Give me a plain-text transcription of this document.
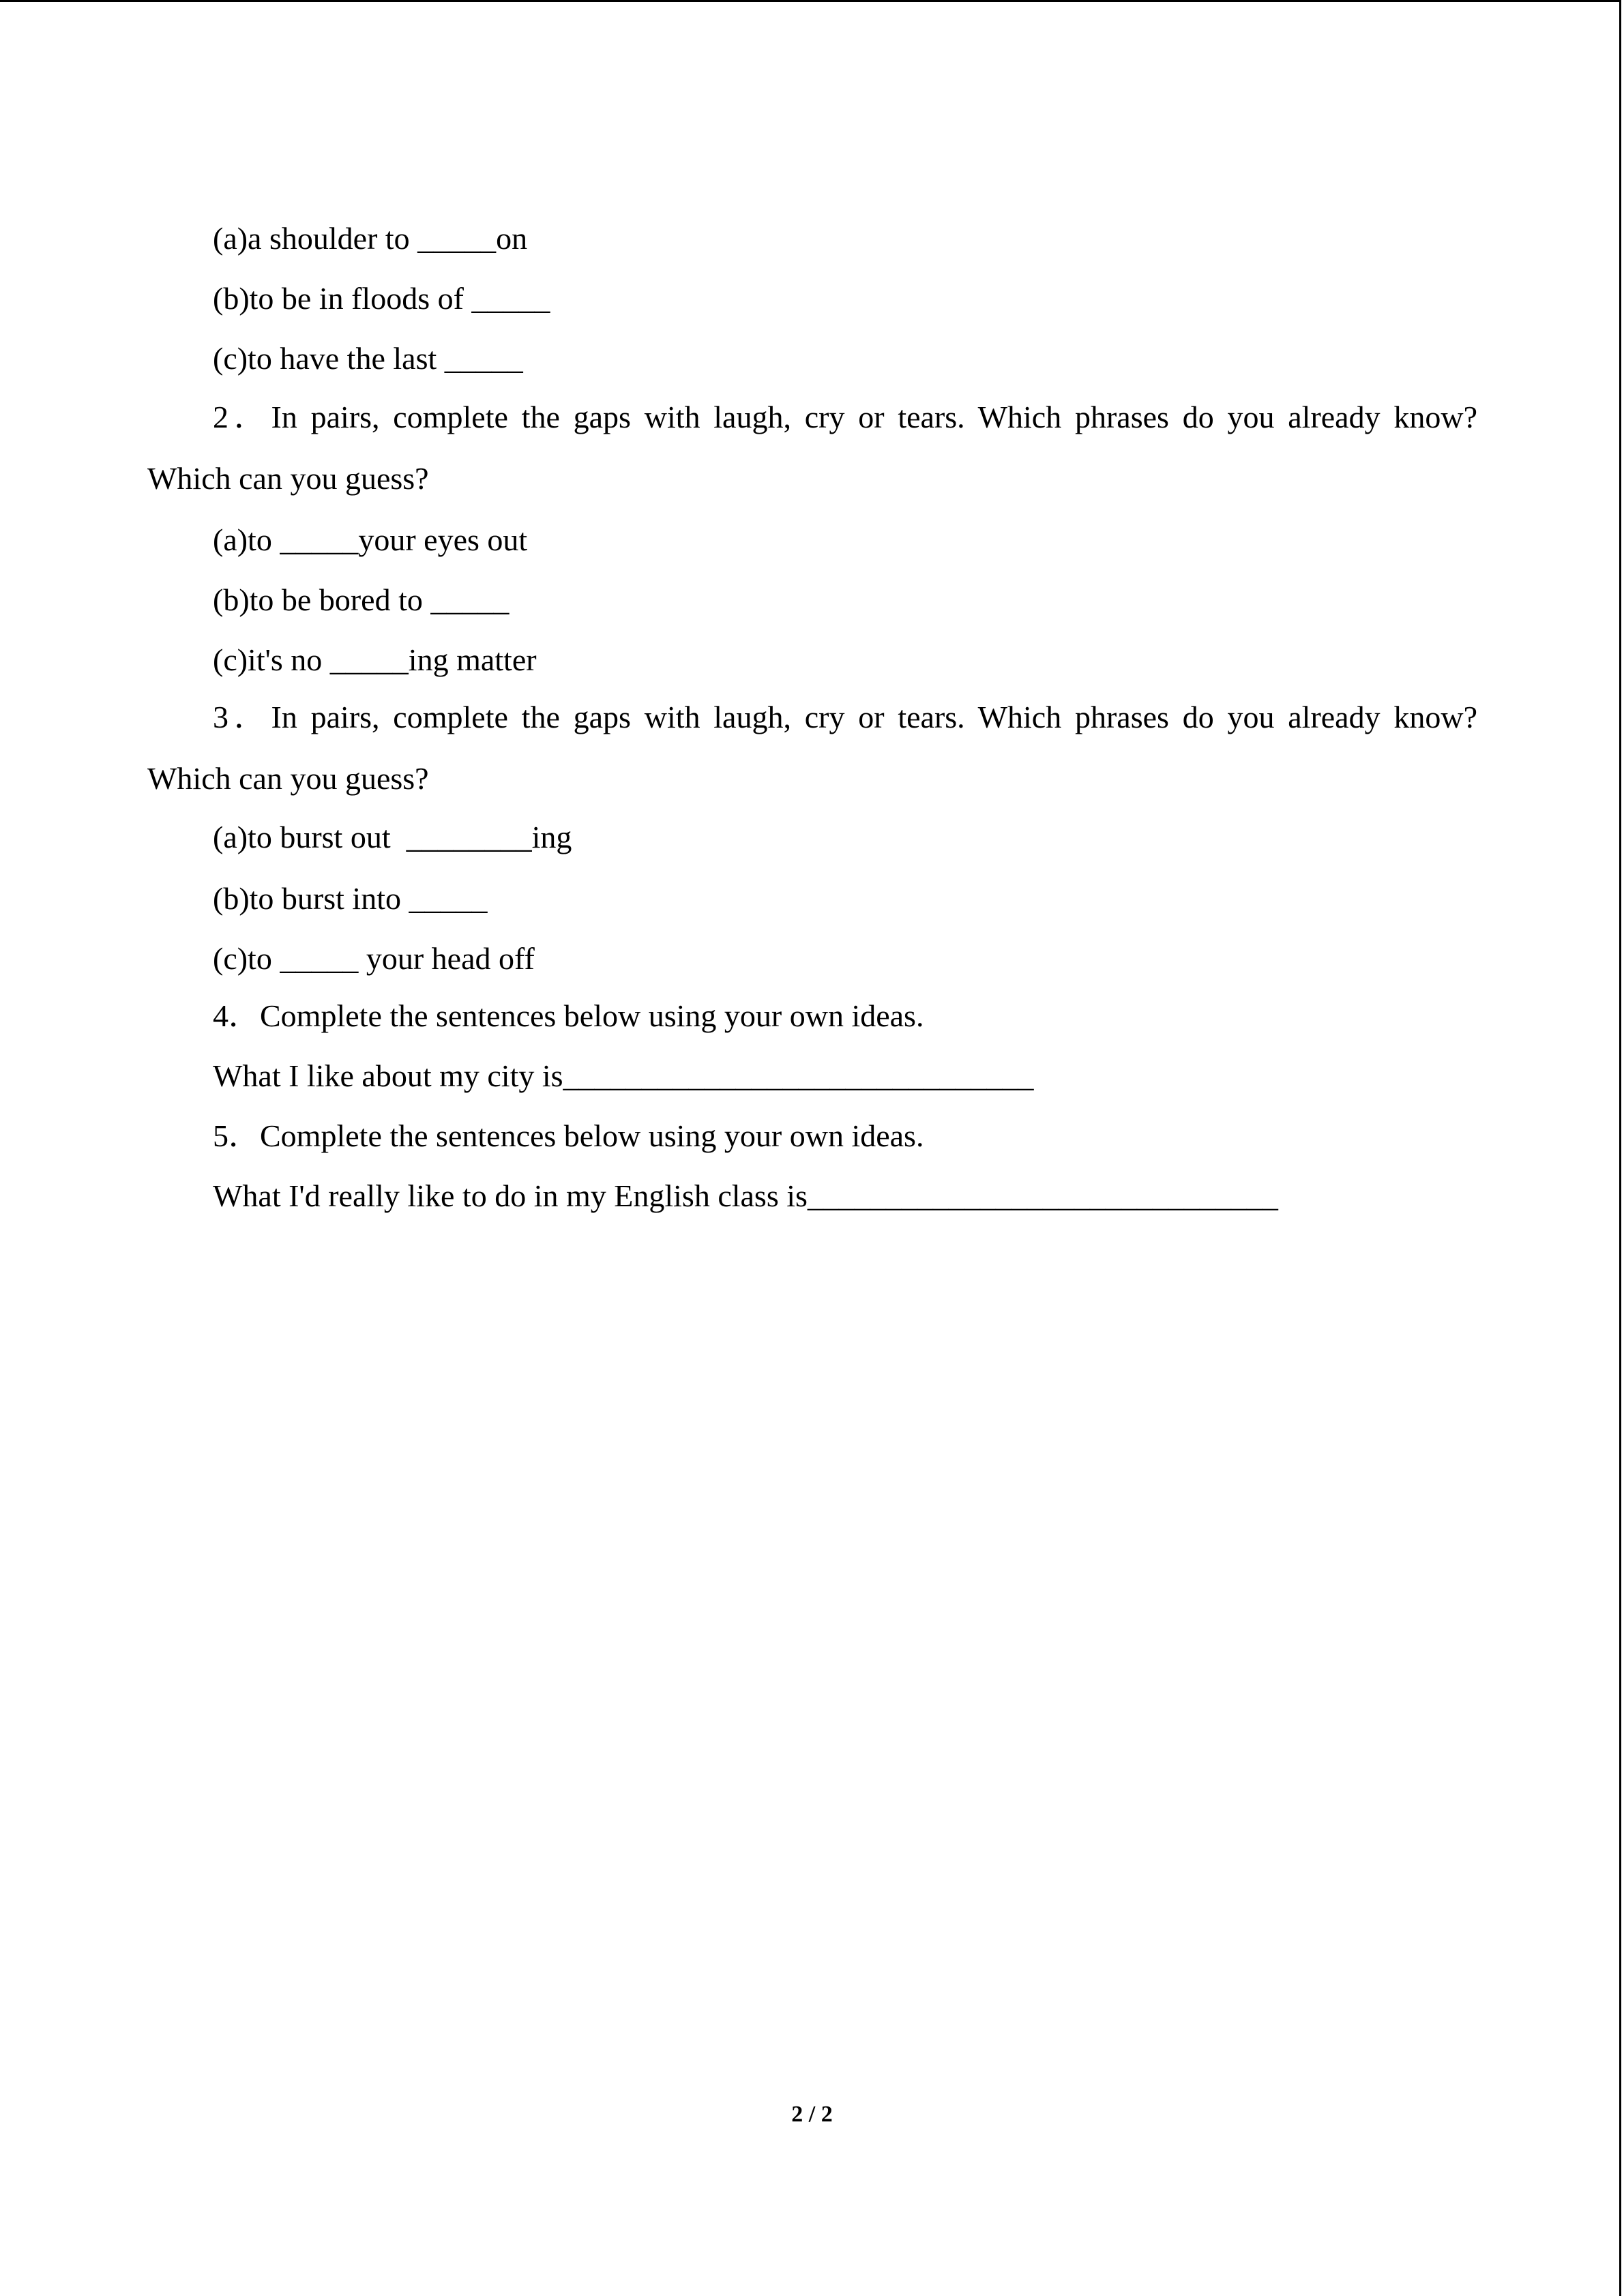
(a)a shoulder to _____on
(b)to be in floods of _____
(c)to have the last _____
2．In pairs, complete the gaps with laugh, cry or tears. Which phrases do you already know?
Which can you guess?
(a)to _____your eyes out
(b)to be bored to _____
(c)it's no _____ing matter
3．In pairs, complete the gaps with laugh, cry or tears. Which phrases do you already know?
Which can you guess?
(a)to burst out  ________ing
(b)to burst into _____
(c)to _____ your head off
4．Complete the sentences below using your own ideas.
What I like about my city is______________________________
5．Complete the sentences below using your own ideas.
What I'd really like to do in my English class is______________________________
2 / 2
